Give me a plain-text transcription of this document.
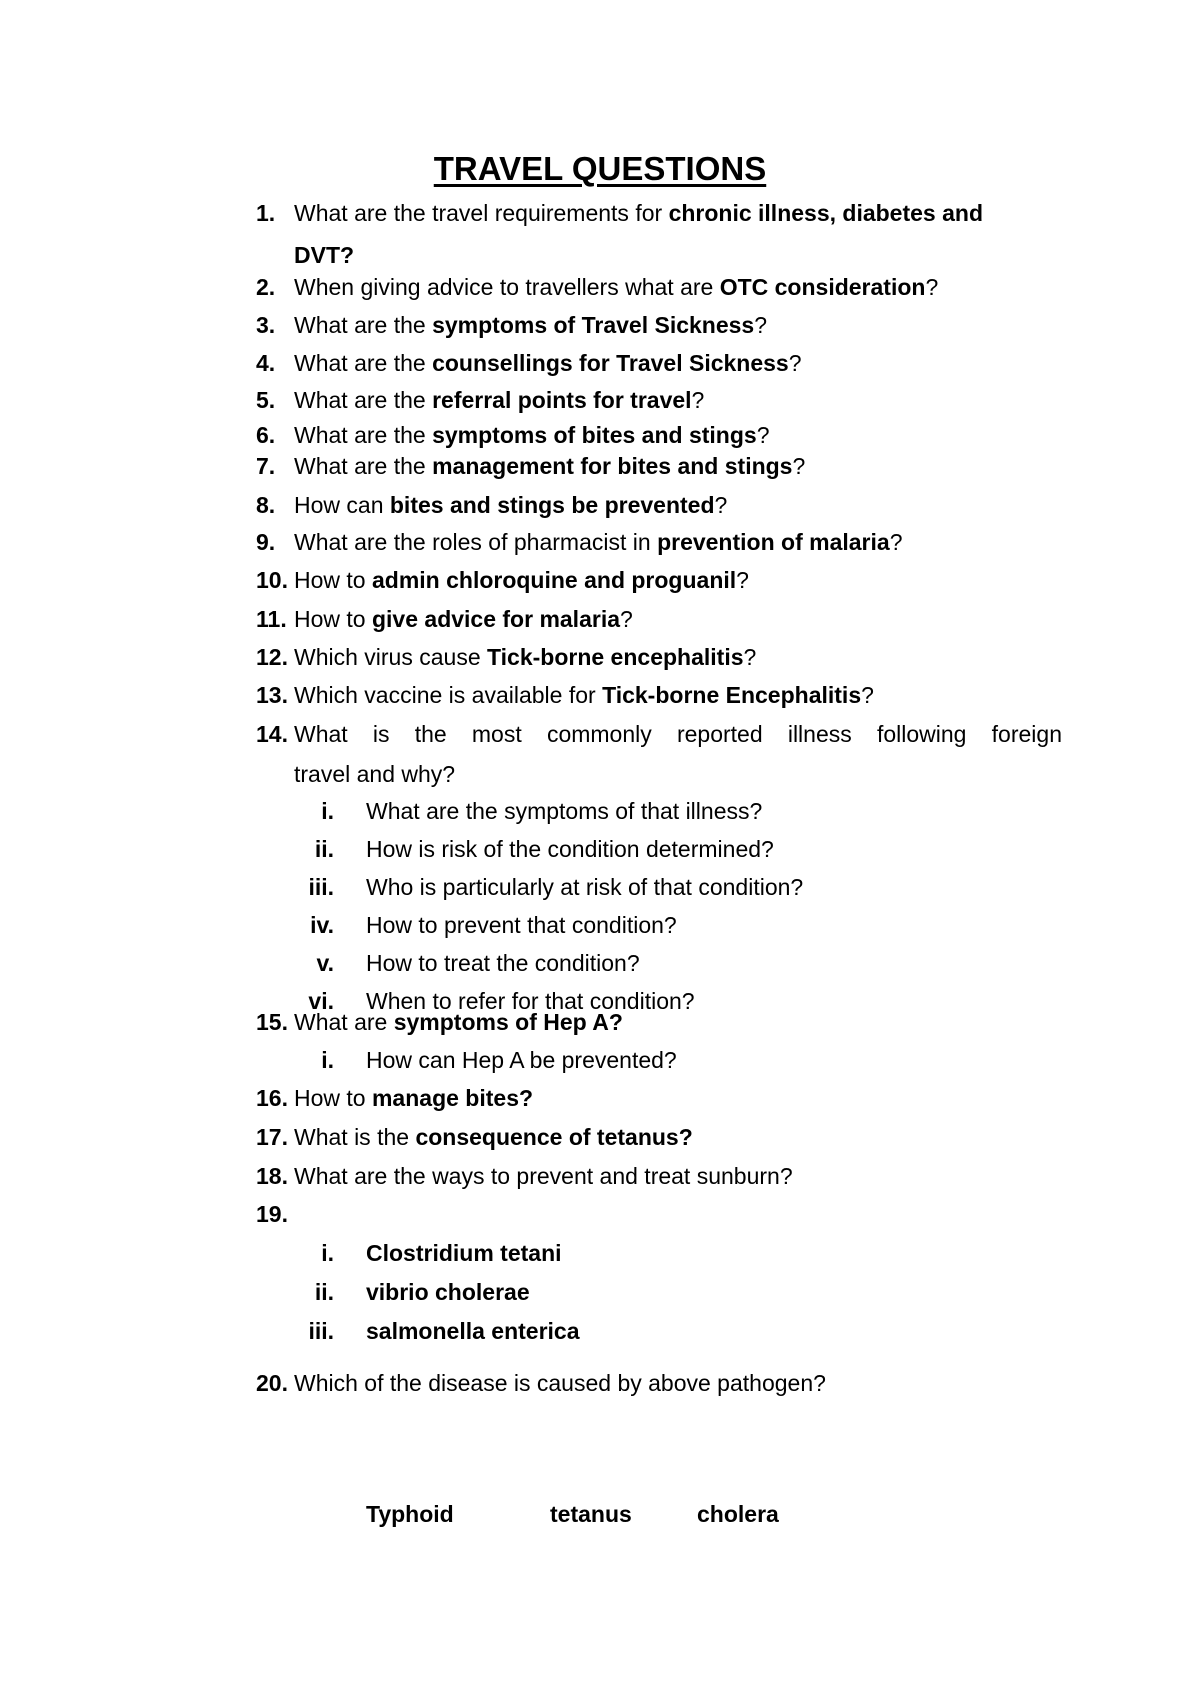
TRAVEL QUESTIONS
1. What are the travel requirements for chronic illness, diabetes and
DVT?
2. When giving advice to travellers what are OTC consideration?
3. What are the symptoms of Travel Sickness?
4. What are the counsellings for Travel Sickness?
5. What are the referral points for travel?
6. What are the symptoms of bites and stings?
7. What are the management for bites and stings?
8. How can bites and stings be prevented?
9. What are the roles of pharmacist in prevention of malaria?
10. How to admin chloroquine and proguanil?
11. How to give advice for malaria?
12. Which virus cause Tick-borne encephalitis?
13. Which vaccine is available for Tick-borne Encephalitis?
14. What is the most commonly reported illness following foreign
travel and why?
i.	What are the symptoms of that illness?
ii.	How is risk of the condition determined?
iii.	Who is particularly at risk of that condition?
iv.	How to prevent that condition?
v.	How to treat the condition?
vi.	When to refer for that condition?
15. What are symptoms of Hep A?
i.	How can Hep A be prevented?
16. How to manage bites?
17. What is the consequence of tetanus?
18. What are the ways to prevent and treat sunburn?
19.
i.	Clostridium tetani
ii.	vibrio cholerae
iii.	salmonella enterica
20. Which of the disease is caused by above pathogen?
Typhoid	tetanus	cholera
